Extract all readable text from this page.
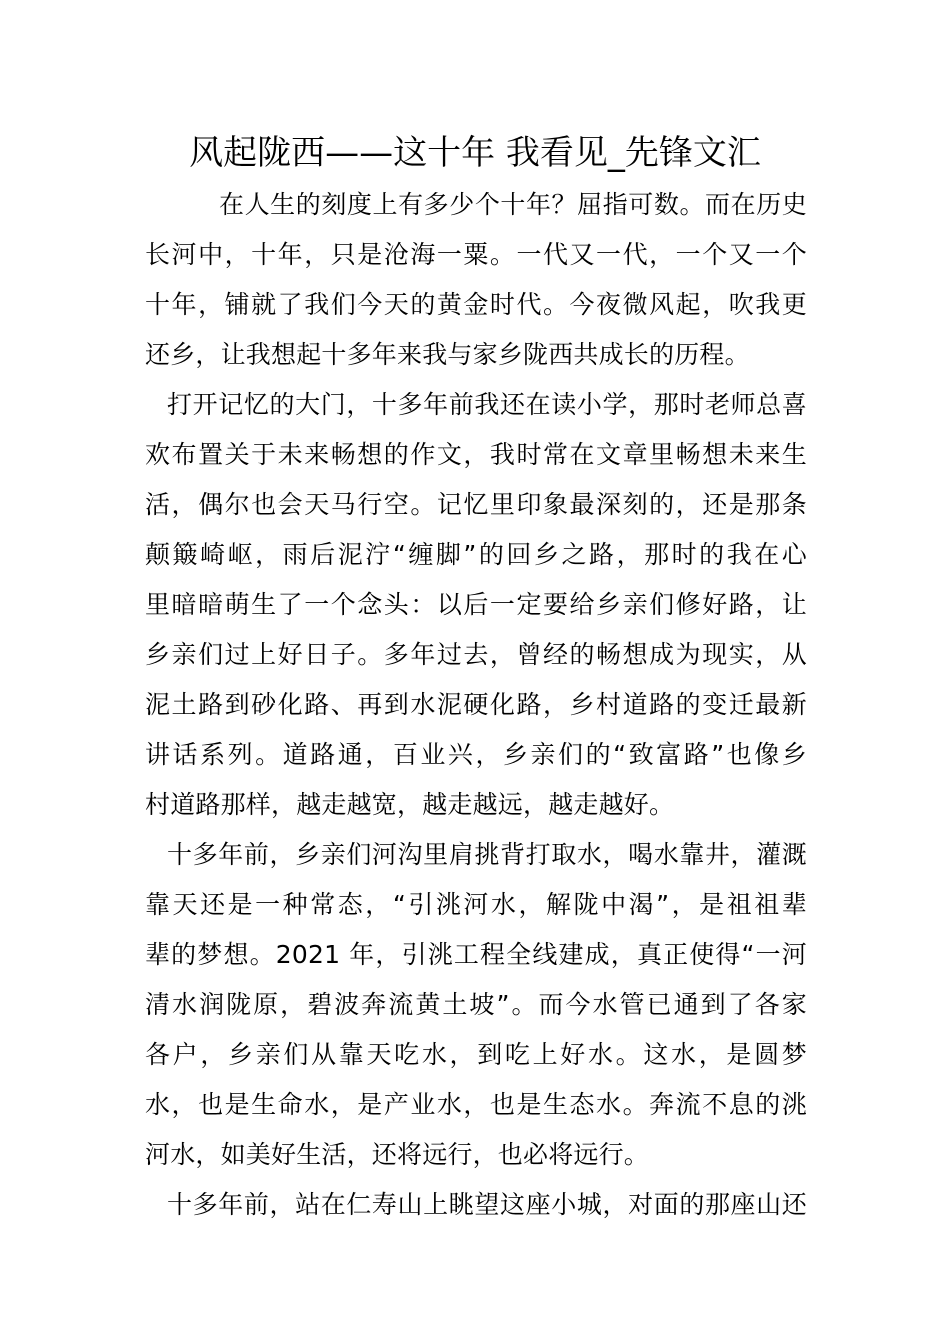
风起陇西——这十年 我看见_先锋文汇
在人生的刻度上有多少个十年？屈指可数。而在历史
长河中，十年，只是沧海一粟。一代又一代，一个又一个
十年，铺就了我们今天的黄金时代。今夜微风起，吹我更
还乡，让我想起十多年来我与家乡陇西共成长的历程。
打开记忆的大门，十多年前我还在读小学，那时老师总喜
欢布置关于未来畅想的作文，我时常在文章里畅想未来生
活，偶尔也会天马行空。记忆里印象最深刻的，还是那条
颠簸崎岖，雨后泥泞“缠脚”的回乡之路，那时的我在心
里暗暗萌生了一个念头：以后一定要给乡亲们修好路，让
乡亲们过上好日子。多年过去，曾经的畅想成为现实，从
泥土路到砂化路、再到水泥硬化路，乡村道路的变迁最新
讲话系列。道路通，百业兴，乡亲们的“致富路”也像乡
村道路那样，越走越宽，越走越远，越走越好。
十多年前，乡亲们河沟里肩挑背打取水，喝水靠井，灌溉
靠天还是一种常态，“引洮河水，解陇中渴”，是祖祖辈
辈的梦想。2021 年，引洮工程全线建成，真正使得“一河
清水润陇原，碧波奔流黄土坡”。而今水管已通到了各家
各户，乡亲们从靠天吃水，到吃上好水。这水，是圆梦
水，也是生命水，是产业水，也是生态水。奔流不息的洮
河水，如美好生活，还将远行，也必将远行。
十多年前，站在仁寿山上眺望这座小城，对面的那座山还
